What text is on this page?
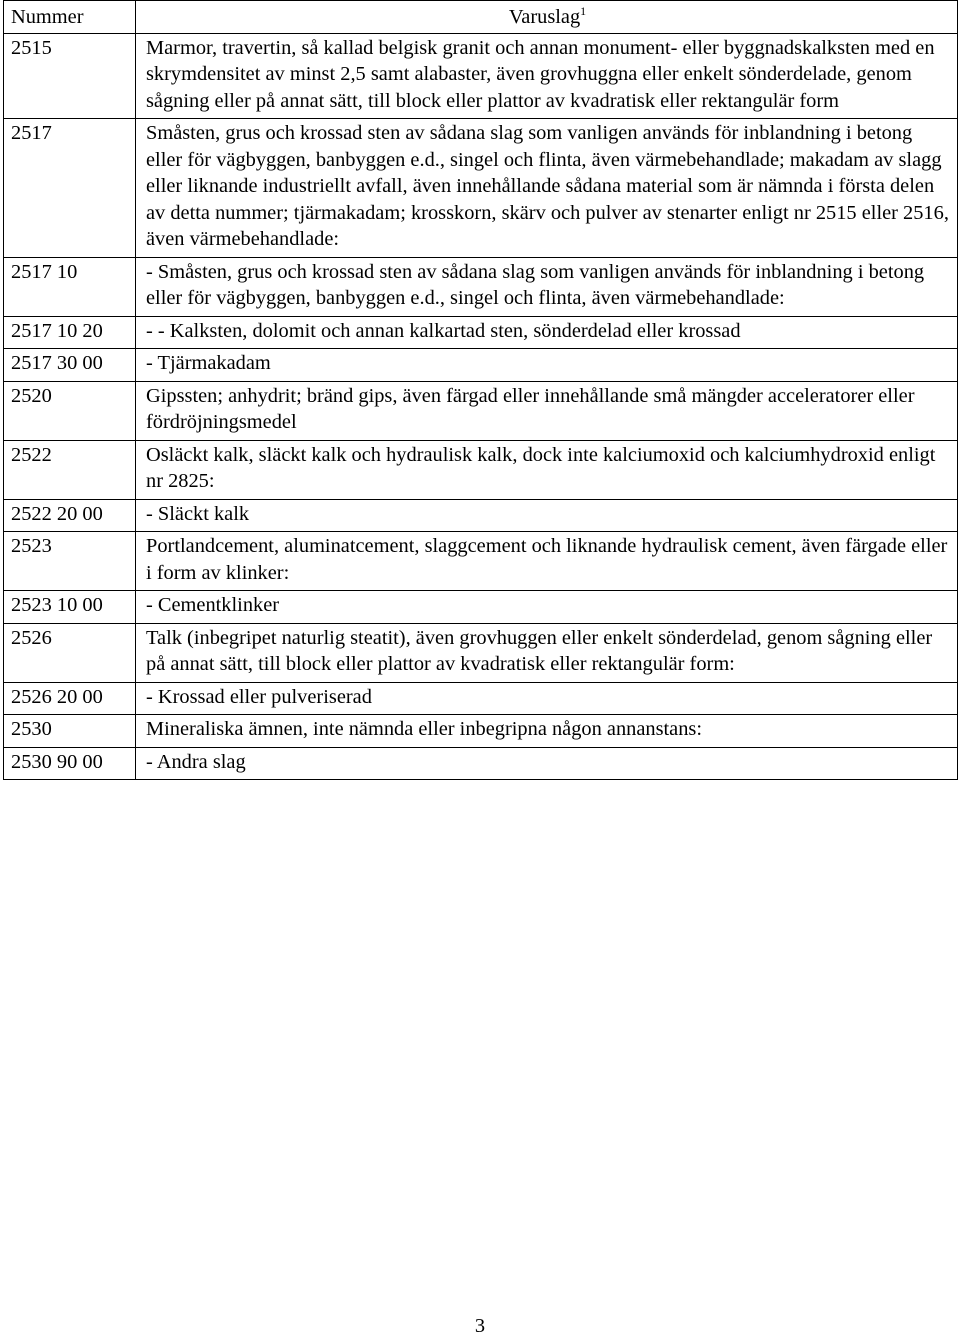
Nummer	Varuslag$^1$
2515	Marmor, travertin, så kallad belgisk granit och annan monument- eller byggnadskalksten med en skrymdensitet av minst 2,5 samt alabaster, även grovhuggna eller enkelt sönderdelade, genom sågning eller på annat sätt, till block eller plattor av kvadratisk eller rektangulär form
2517	Småsten, grus och krossad sten av sådana slag som vanligen används för inblandning i betong eller för vägbyggen, banbyggen e.d., singel och flinta, även värmebehandlade; makadam av slagg eller liknande industriellt avfall, även innehållande sådana material som är nämnda i första delen av detta nummer; tjärmakadam; krosskorn, skärv och pulver av stenarter enligt nr 2515 eller 2516, även värmebehandlade:
2517 10	- Småsten, grus och krossad sten av sådana slag som vanligen används för inblandning i betong eller för vägbyggen, banbyggen e.d., singel och flinta, även värmebehandlade:
2517 10 20	- - Kalksten, dolomit och annan kalkartad sten, sönderdelad eller krossad
2517 30 00	- Tjärmakadam
2520	Gipssten; anhydrit; bränd gips, även färgad eller innehållande små mängder acceleratorer eller fördröjningsmedel
2522	Osläckt kalk, släckt kalk och hydraulisk kalk, dock inte kalciumoxid och kalciumhydroxid enligt nr 2825:
2522 20 00	- Släckt kalk
2523	Portlandcement, aluminatcement, slaggcement och liknande hydraulisk cement, även färgade eller i form av klinker:
2523 10 00	- Cementklinker
2526	Talk (inbegripet naturlig steatit), även grovhuggen eller enkelt sönderdelad, genom sågning eller på annat sätt, till block eller plattor av kvadratisk eller rektangulär form:
2526 20 00	- Krossad eller pulveriserad
2530	Mineraliska ämnen, inte nämnda eller inbegripna någon annanstans:
2530 90 00	- Andra slag
3
